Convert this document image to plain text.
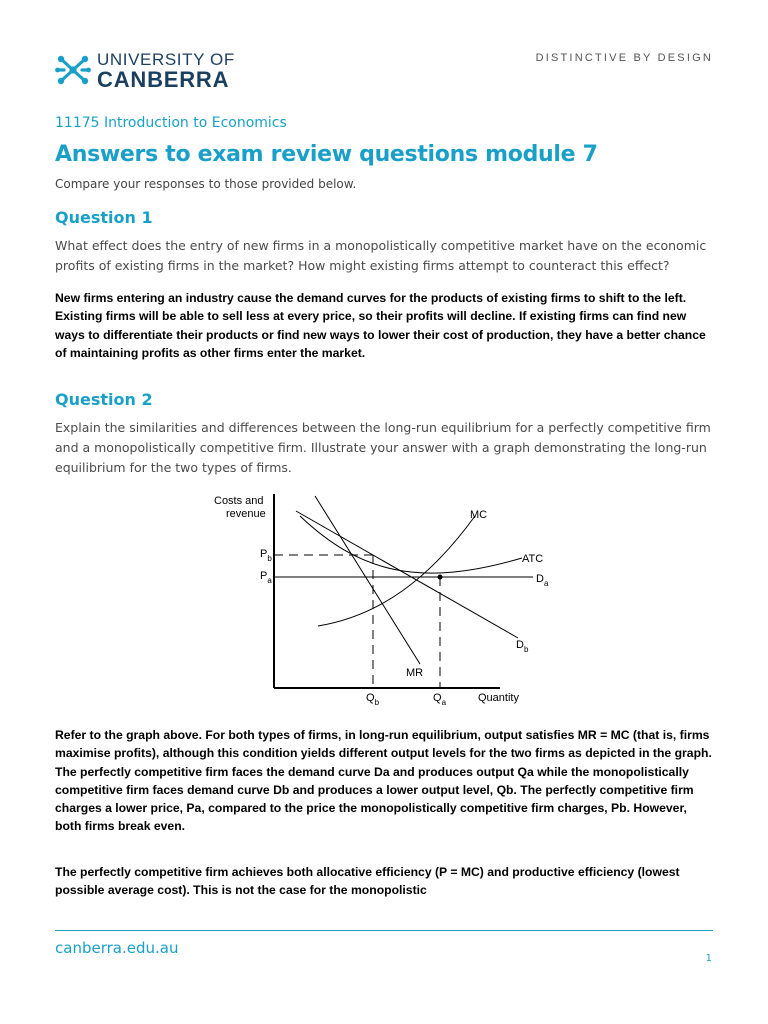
UNIVERSITY OF
CANBERRA
DISTINCTIVE BY DESIGN
11175 Introduction to Economics
Answers to exam review questions module 7
Compare your responses to those provided below.
Question 1
What effect does the entry of new firms in a monopolistically competitive market have on the economic profits of existing firms in the market? How might existing firms attempt to counteract this effect?
New firms entering an industry cause the demand curves for the products of existing firms to shift to the left. Existing firms will be able to sell less at every price, so their profits will decline. If existing firms can find new ways to differentiate their products or find new ways to lower their cost of production, they have a better chance of maintaining profits as other firms enter the market.
Question 2
Explain the similarities and differences between the long-run equilibrium for a perfectly competitive firm and a monopolistically competitive firm. Illustrate your answer with a graph demonstrating the long-run equilibrium for the two types of firms.
Costs and
revenue
$P_b$
$P_a$
MC
ATC
$D_a$
$D_b$
MR
$Q_b$	$Q_a$	Quantity
Refer to the graph above. For both types of firms, in long-run equilibrium, output satisfies MR = MC (that is, firms maximise profits), although this condition yields different output levels for the two firms as depicted in the graph. The perfectly competitive firm faces the demand curve Da and produces output Qa while the monopolistically competitive firm faces demand curve Db and produces a lower output level, Qb. The perfectly competitive firm charges a lower price, Pa, compared to the price the monopolistically competitive firm charges, Pb. However, both firms break even.
The perfectly competitive firm achieves both allocative efficiency (P = MC) and productive efficiency (lowest possible average cost). This is not the case for the monopolistic
canberra.edu.au
1
